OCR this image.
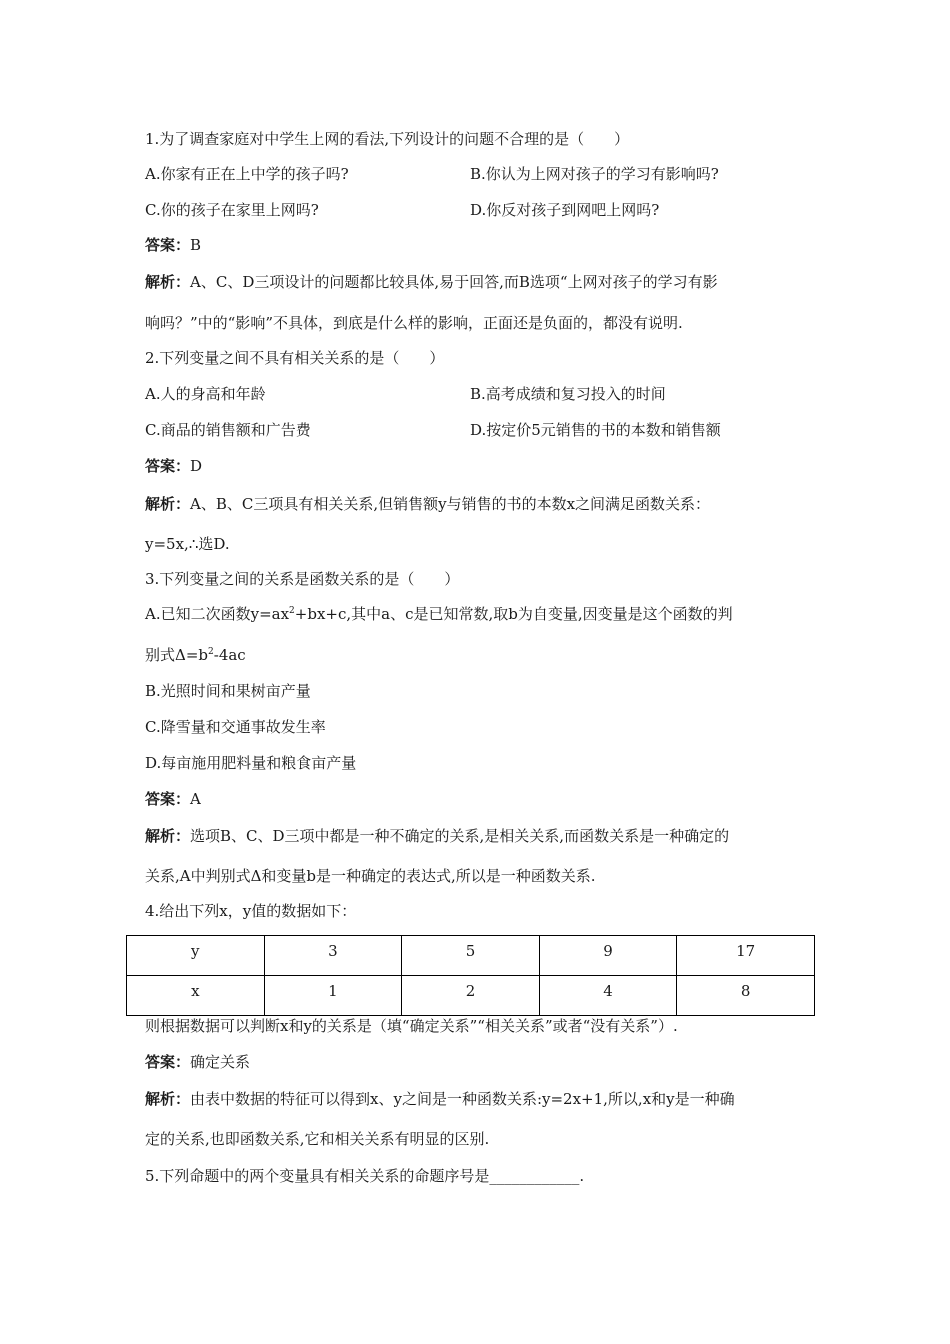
1.为了调查家庭对中学生上网的看法,下列设计的问题不合理的是（　　）
A.你家有正在上中学的孩子吗?	B.你认为上网对孩子的学习有影响吗?
C.你的孩子在家里上网吗?	D.你反对孩子到网吧上网吗?
答案：B
解析：A、C、D三项设计的问题都比较具体,易于回答,而B选项“上网对孩子的学习有影
响吗？”中的“影响”不具体，到底是什么样的影响，正面还是负面的，都没有说明.
2.下列变量之间不具有相关关系的是（　　）
A.人的身高和年龄	B.高考成绩和复习投入的时间
C.商品的销售额和广告费	D.按定价5元销售的书的本数和销售额
答案：D
解析：A、B、C三项具有相关关系,但销售额y与销售的书的本数x之间满足函数关系：
y=5x,∴选D.
3.下列变量之间的关系是函数关系的是（　　）
A.已知二次函数$y=ax^2+bx+c$,其中a、c是已知常数,取b为自变量,因变量是这个函数的判
别式$\Delta=b^2-4ac$
B.光照时间和果树亩产量
C.降雪量和交通事故发生率
D.每亩施用肥料量和粮食亩产量
答案：A
解析：选项B、C、D三项中都是一种不确定的关系,是相关关系,而函数关系是一种确定的
关系,A中判别式Δ和变量b是一种确定的表达式,所以是一种函数关系.
4.给出下列x，y值的数据如下：
y	3	5	9	17
x	1	2	4	8
则根据数据可以判断x和y的关系是（填“确定关系”“相关关系”或者“没有关系”）.
答案：确定关系
解析：由表中数据的特征可以得到x、y之间是一种函数关系:y=2x+1,所以,x和y是一种确
定的关系,也即函数关系,它和相关关系有明显的区别.
5.下列命题中的两个变量具有相关关系的命题序号是____________.
